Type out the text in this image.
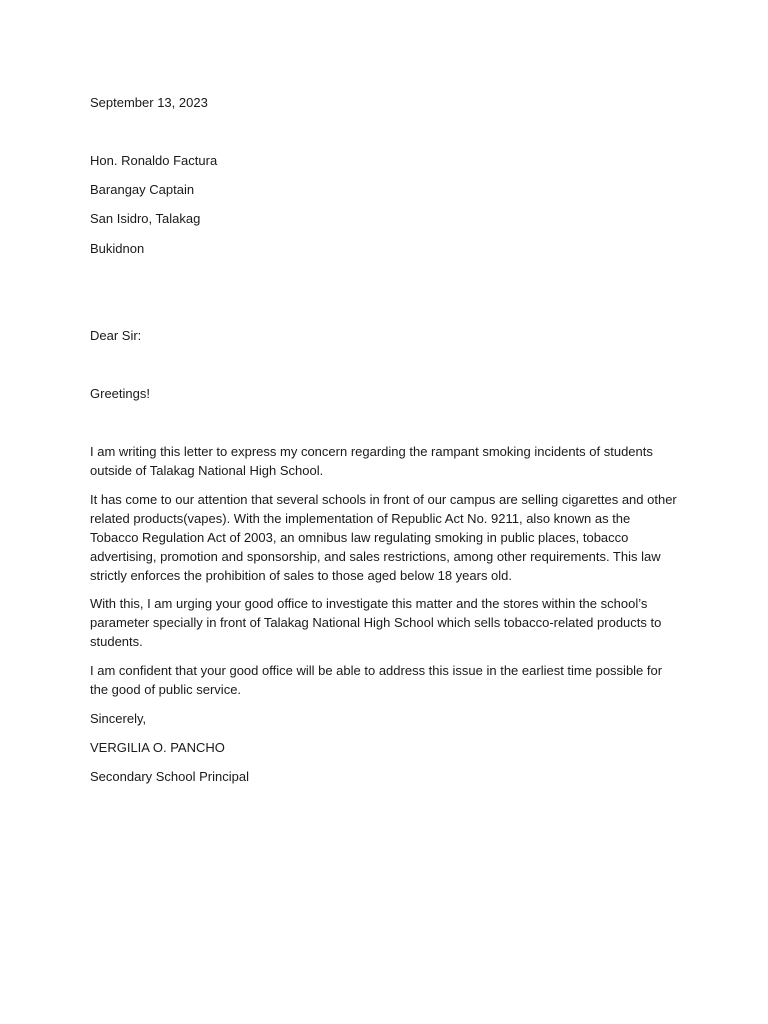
September 13, 2023
Hon. Ronaldo Factura
Barangay Captain
San Isidro, Talakag
Bukidnon
Dear Sir:
Greetings!
I am writing this letter to express my concern regarding the rampant smoking incidents of students outside of Talakag National High School.
It has come to our attention that several schools in front of our campus are selling cigarettes and other related products(vapes). With the implementation of Republic Act No. 9211, also known as the Tobacco Regulation Act of 2003, an omnibus law regulating smoking in public places, tobacco advertising, promotion and sponsorship, and sales restrictions, among other requirements. This law strictly enforces the prohibition of sales to those aged below 18 years old.
With this, I am urging your good office to investigate this matter and the stores within the school’s parameter specially in front of Talakag National High School which sells tobacco-related products to students.
I am confident that your good office will be able to address this issue in the earliest time possible for the good of public service.
Sincerely,
VERGILIA O. PANCHO
Secondary School Principal
